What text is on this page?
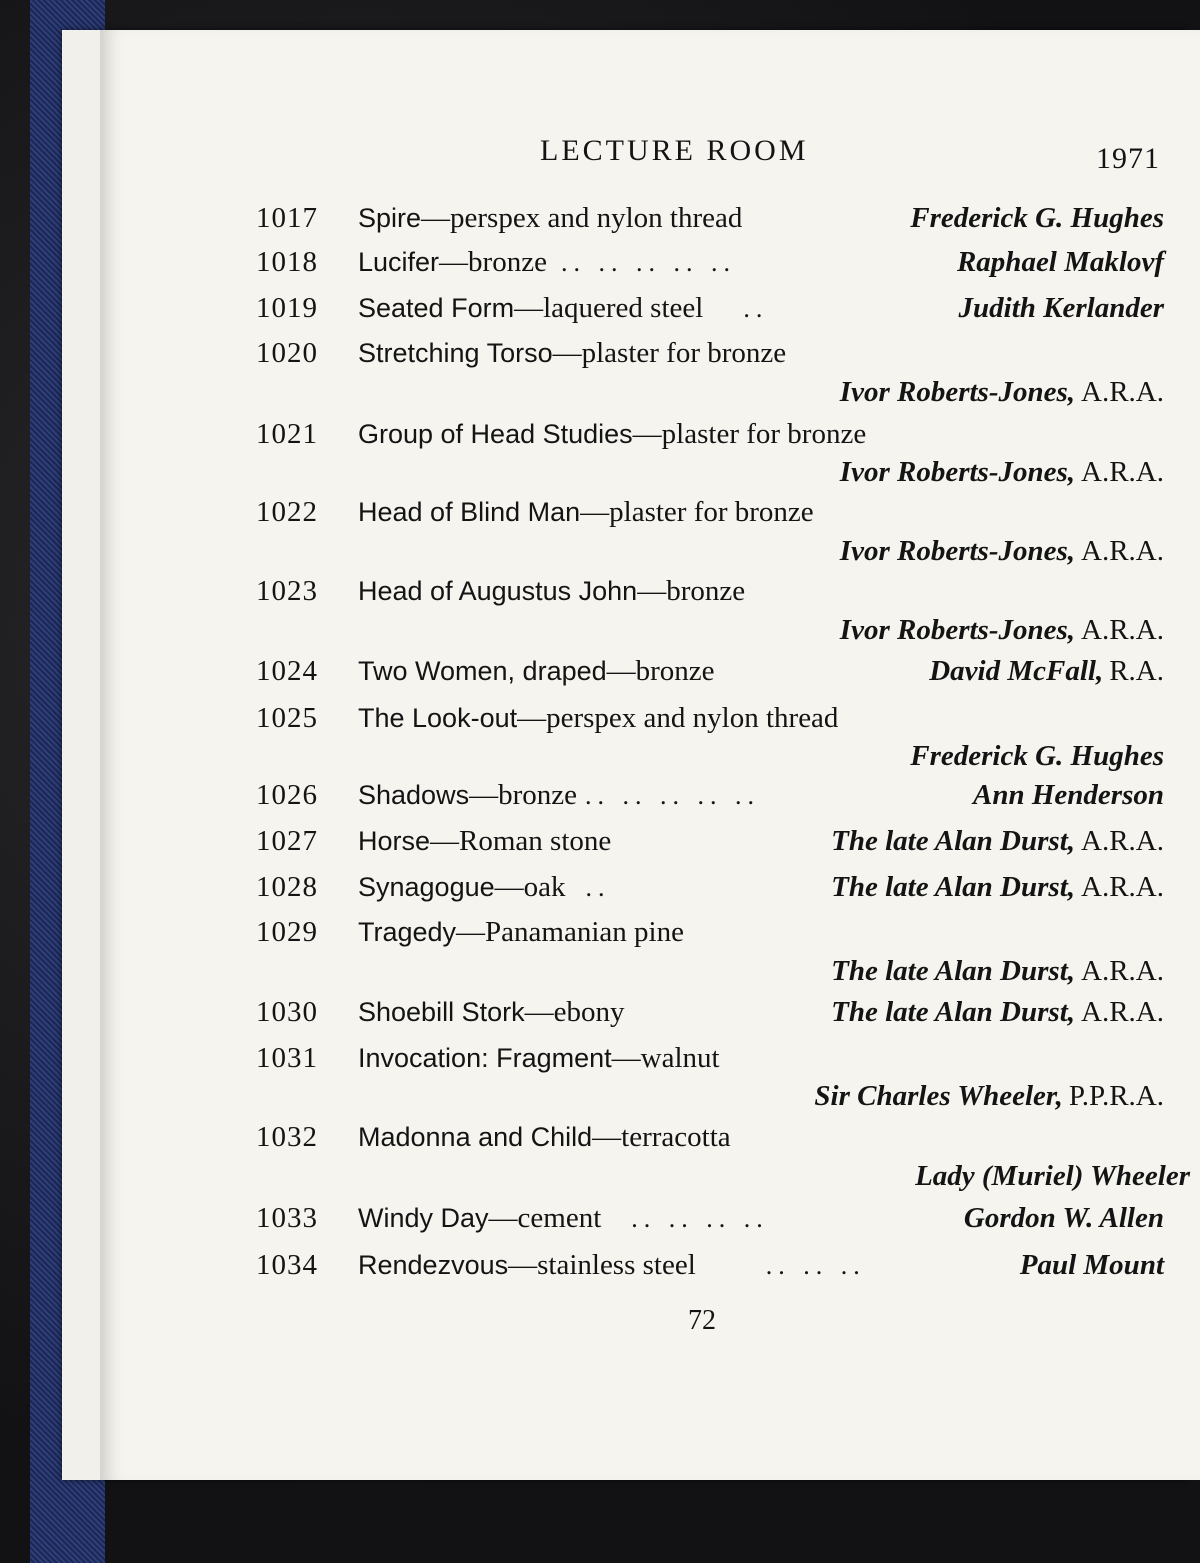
LECTURE ROOM	1971
1017 Spire—perspex and nylon thread	Frederick G. Hughes
1018 Lucifer—bronze .. .. .. .. ..	Raphael Maklovf
1019 Seated Form—laquered steel ..	Judith Kerlander
1020 Stretching Torso—plaster for bronze
Ivor Roberts-Jones, A.R.A.
1021 Group of Head Studies—plaster for bronze
Ivor Roberts-Jones, A.R.A.
1022 Head of Blind Man—plaster for bronze
Ivor Roberts-Jones, A.R.A.
1023 Head of Augustus John—bronze
Ivor Roberts-Jones, A.R.A.
1024 Two Women, draped—bronze	David McFall, R.A.
1025 The Look-out—perspex and nylon thread
Frederick G. Hughes
1026 Shadows—bronze .. .. .. .. ..	Ann Henderson
1027 Horse—Roman stone	The late Alan Durst, A.R.A.
1028 Synagogue—oak ..	The late Alan Durst, A.R.A.
1029 Tragedy—Panamanian pine
The late Alan Durst, A.R.A.
1030 Shoebill Stork—ebony	The late Alan Durst, A.R.A.
1031 Invocation: Fragment—walnut
Sir Charles Wheeler, P.P.R.A.
1032 Madonna and Child—terracotta
Lady (Muriel) Wheeler
1033 Windy Day—cement .. .. .. ..	Gordon W. Allen
1034 Rendezvous—stainless steel	.. .. ..	Paul Mount
72
